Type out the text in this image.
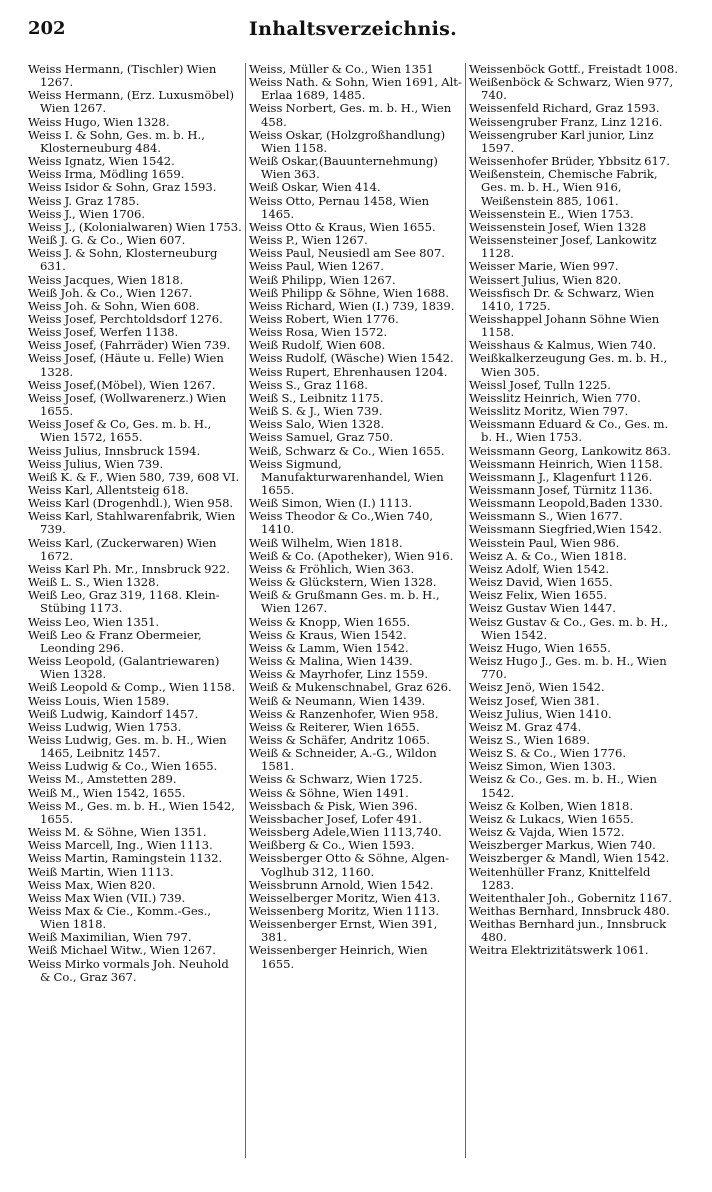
202	Inhaltsverzeichnis.
Weiss Hermann, (Tischler) Wien 1267.
Weiss Hermann, (Erz. Luxusmöbel) Wien 1267.
Weiss Hugo, Wien 1328.
Weiss I. & Sohn, Ges. m. b. H., Klosterneuburg 484.
Weiss Ignatz, Wien 1542.
Weiss Irma, Mödling 1659.
Weiss Isidor & Sohn, Graz 1593.
Weiss J. Graz 1785.
Weiss J., Wien 1706.
Weiss J., (Kolonialwaren) Wien 1753.
Weiß J. G. & Co., Wien 607.
Weiss J. & Sohn, Klosterneuburg 631.
Weiss Jacques, Wien 1818.
Weiß Joh. & Co., Wien 1267.
Weiss Joh. & Sohn, Wien 608.
Weiss Josef, Perchtoldsdorf 1276.
Weiss Josef, Werfen 1138.
Weiss Josef, (Fahrräder) Wien 739.
Weiss Josef, (Häute u. Felle) Wien 1328.
Weiss Josef,(Möbel), Wien 1267.
Weiss Josef, (Wollwarenerz.) Wien 1655.
Weiss Josef & Co, Ges. m. b. H., Wien 1572, 1655.
Weiss Julius, Innsbruck 1594.
Weiss Julius, Wien 739.
Weiß K. & F., Wien 580, 739, 608 VI.
Weiss Karl, Allentsteig 618.
Weiss Karl (Drogenhdl.), Wien 958.
Weiss Karl, Stahlwarenfabrik, Wien 739.
Weiss Karl, (Zuckerwaren) Wien 1672.
Weiss Karl Ph. Mr., Innsbruck 922.
Weiß L. S., Wien 1328.
Weiß Leo, Graz 319, 1168. Klein-Stübing 1173.
Weiss Leo, Wien 1351.
Weiß Leo & Franz Obermeier, Leonding 296.
Weiss Leopold, (Galantriewaren) Wien 1328.
Weiß Leopold & Comp., Wien 1158.
Weiss Louis, Wien 1589.
Weiß Ludwig, Kaindorf 1457.
Weiss Ludwig, Wien 1753.
Weiss Ludwig, Ges. m. b. H., Wien 1465, Leibnitz 1457.
Weiss Ludwig & Co., Wien 1655.
Weiss M., Amstetten 289.
Weiß M., Wien 1542, 1655.
Weiss M., Ges. m. b. H., Wien 1542, 1655.
Weiss M. & Söhne, Wien 1351.
Weiss Marcell, Ing., Wien 1113.
Weiss Martin, Ramingstein 1132.
Weiß Martin, Wien 1113.
Weiss Max, Wien 820.
Weiss Max Wien (VII.) 739.
Weiss Max & Cie., Komm.-Ges., Wien 1818.
Weiß Maximilian, Wien 797.
Weiß Michael Witw., Wien 1267.
Weiss Mirko vormals Joh. Neuhold & Co., Graz 367.
Weiss, Müller & Co., Wien 1351
Weiss Nath. & Sohn, Wien 1691, Alt-Erlaa 1689, 1485.
Weiss Norbert, Ges. m. b. H., Wien 458.
Weiss Oskar, (Holzgroßhandlung) Wien 1158.
Weiß Oskar,(Bauunternehmung) Wien 363.
Weiß Oskar, Wien 414.
Weiss Otto, Pernau 1458, Wien 1465.
Weiss Otto & Kraus, Wien 1655.
Weiss P., Wien 1267.
Weiss Paul, Neusiedl am See 807.
Weiss Paul, Wien 1267.
Weiß Philipp, Wien 1267.
Weiß Philipp & Söhne, Wien 1688.
Weiss Richard, Wien (I.) 739, 1839.
Weiss Robert, Wien 1776.
Weiss Rosa, Wien 1572.
Weiß Rudolf, Wien 608.
Weiss Rudolf, (Wäsche) Wien 1542.
Weiss Rupert, Ehrenhausen 1204.
Weiss S., Graz 1168.
Weiß S., Leibnitz 1175.
Weiß S. & J., Wien 739.
Weiss Salo, Wien 1328.
Weiss Samuel, Graz 750.
Weiß, Schwarz & Co., Wien 1655.
Weiss Sigmund, Manufakturwarenhandel, Wien 1655.
Weiß Simon, Wien (I.) 1113.
Weiss Theodor & Co.,Wien 740, 1410.
Weiß Wilhelm, Wien 1818.
Weiß & Co. (Apotheker), Wien 916.
Weiss & Fröhlich, Wien 363.
Weiss & Glückstern, Wien 1328.
Weiß & Grußmann Ges. m. b. H., Wien 1267.
Weiss & Knopp, Wien 1655.
Weiss & Kraus, Wien 1542.
Weiss & Lamm, Wien 1542.
Weiss & Malina, Wien 1439.
Weiss & Mayrhofer, Linz 1559.
Weiß & Mukenschnabel, Graz 626.
Weiß & Neumann, Wien 1439.
Weiss & Ranzenhofer, Wien 958.
Weiss & Reiterer, Wien 1655.
Weiss & Schäfer, Andritz 1065.
Weiß & Schneider, A.-G., Wildon 1581.
Weiss & Schwarz, Wien 1725.
Weiss & Söhne, Wien 1491.
Weissbach & Pisk, Wien 396.
Weissbacher Josef, Lofer 491.
Weissberg Adele,Wien 1113,740.
Weißberg & Co., Wien 1593.
Weissberger Otto & Söhne, Algen-Voglhub 312, 1160.
Weissbrunn Arnold, Wien 1542.
Weisselberger Moritz, Wien 413.
Weissenberg Moritz, Wien 1113.
Weissenberger Ernst, Wien 391, 381.
Weissenberger Heinrich, Wien 1655.
Weissenböck Gottf., Freistadt 1008.
Weißenböck & Schwarz, Wien 977, 740.
Weissenfeld Richard, Graz 1593.
Weissengruber Franz, Linz 1216.
Weissengruber Karl junior, Linz 1597.
Weissenhofer Brüder, Ybbsitz 617.
Weißenstein, Chemische Fabrik, Ges. m. b. H., Wien 916, Weißenstein 885, 1061.
Weissenstein E., Wien 1753.
Weissenstein Josef, Wien 1328
Weissensteiner Josef, Lankowitz 1128.
Weisser Marie, Wien 997.
Weissert Julius, Wien 820.
Weissfisch Dr. & Schwarz, Wien 1410, 1725.
Weisshappel Johann Söhne Wien 1158.
Weisshaus & Kalmus, Wien 740.
Weißkalkerzeugung Ges. m. b. H., Wien 305.
Weissl Josef, Tulln 1225.
Weisslitz Heinrich, Wien 770.
Weisslitz Moritz, Wien 797.
Weissmann Eduard & Co., Ges. m. b. H., Wien 1753.
Weissmann Georg, Lankowitz 863.
Weissmann Heinrich, Wien 1158.
Weissmann J., Klagenfurt 1126.
Weissmann Josef, Türnitz 1136.
Weissmann Leopold,Baden 1330.
Weissmann S., Wien 1677.
Weissmann Siegfried,Wien 1542.
Weisstein Paul, Wien 986.
Weisz A. & Co., Wien 1818.
Weisz Adolf, Wien 1542.
Weisz David, Wien 1655.
Weisz Felix, Wien 1655.
Weisz Gustav Wien 1447.
Weisz Gustav & Co., Ges. m. b. H., Wien 1542.
Weisz Hugo, Wien 1655.
Weisz Hugo J., Ges. m. b. H., Wien 770.
Weisz Jenö, Wien 1542.
Weisz Josef, Wien 381.
Weisz Julius, Wien 1410.
Weisz M. Graz 474.
Weisz S., Wien 1689.
Weisz S. & Co., Wien 1776.
Weisz Simon, Wien 1303.
Weisz & Co., Ges. m. b. H., Wien 1542.
Weisz & Kolben, Wien 1818.
Weisz & Lukacs, Wien 1655.
Weisz & Vajda, Wien 1572.
Weiszberger Markus, Wien 740.
Weiszberger & Mandl, Wien 1542.
Weitenhüller Franz, Knittelfeld 1283.
Weitenthaler Joh., Gobernitz 1167.
Weithas Bernhard, Innsbruck 480.
Weithas Bernhard jun., Innsbruck 480.
Weitra Elektrizitätswerk 1061.
